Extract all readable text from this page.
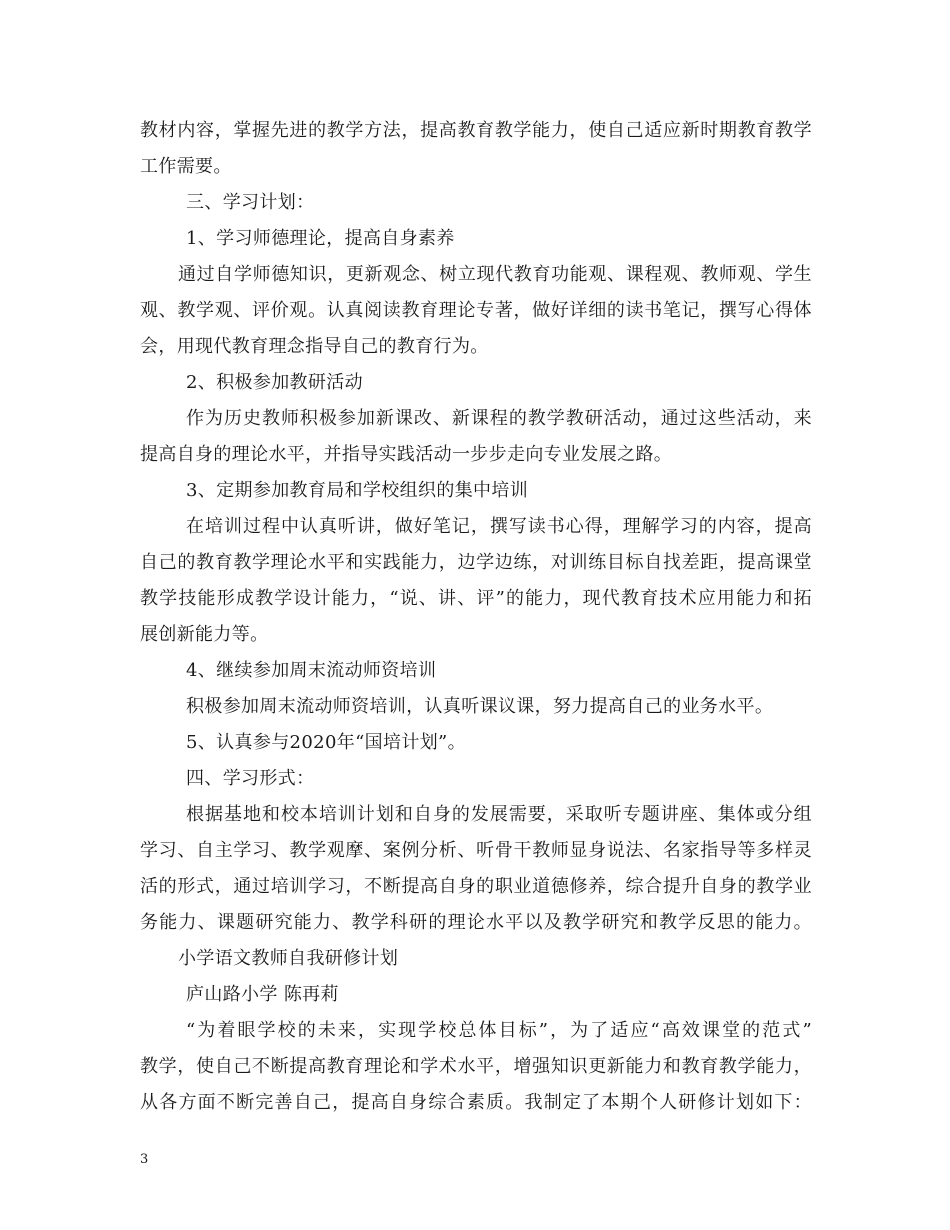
教材内容，掌握先进的教学方法，提高教育教学能力，使自己适应新时期教育教学
工作需要。
三、学习计划：
1、学习师德理论，提高自身素养
通过自学师德知识，更新观念、树立现代教育功能观、课程观、教师观、学生
观、教学观、评价观。认真阅读教育理论专著，做好详细的读书笔记，撰写心得体
会，用现代教育理念指导自己的教育行为。
2、积极参加教研活动
作为历史教师积极参加新课改、新课程的教学教研活动，通过这些活动，来
提高自身的理论水平，并指导实践活动一步步走向专业发展之路。
3、定期参加教育局和学校组织的集中培训
在培训过程中认真听讲，做好笔记，撰写读书心得，理解学习的内容，提高
自己的教育教学理论水平和实践能力，边学边练，对训练目标自找差距，提高课堂
教学技能形成教学设计能力，“说、讲、评”的能力，现代教育技术应用能力和拓
展创新能力等。
4、继续参加周末流动师资培训
积极参加周末流动师资培训，认真听课议课，努力提高自己的业务水平。
5、认真参与2020年“国培计划”。
四、学习形式：
根据基地和校本培训计划和自身的发展需要，采取听专题讲座、集体或分组
学习、自主学习、教学观摩、案例分析、听骨干教师显身说法、名家指导等多样灵
活的形式，通过培训学习，不断提高自身的职业道德修养，综合提升自身的教学业
务能力、课题研究能力、教学科研的理论水平以及教学研究和教学反思的能力。
小学语文教师自我研修计划
庐山路小学 陈再莉
“为着眼学校的未来，实现学校总体目标”，为了适应“高效课堂的范式”
教学，使自己不断提高教育理论和学术水平，增强知识更新能力和教育教学能力，
从各方面不断完善自己，提高自身综合素质。我制定了本期个人研修计划如下：
3
